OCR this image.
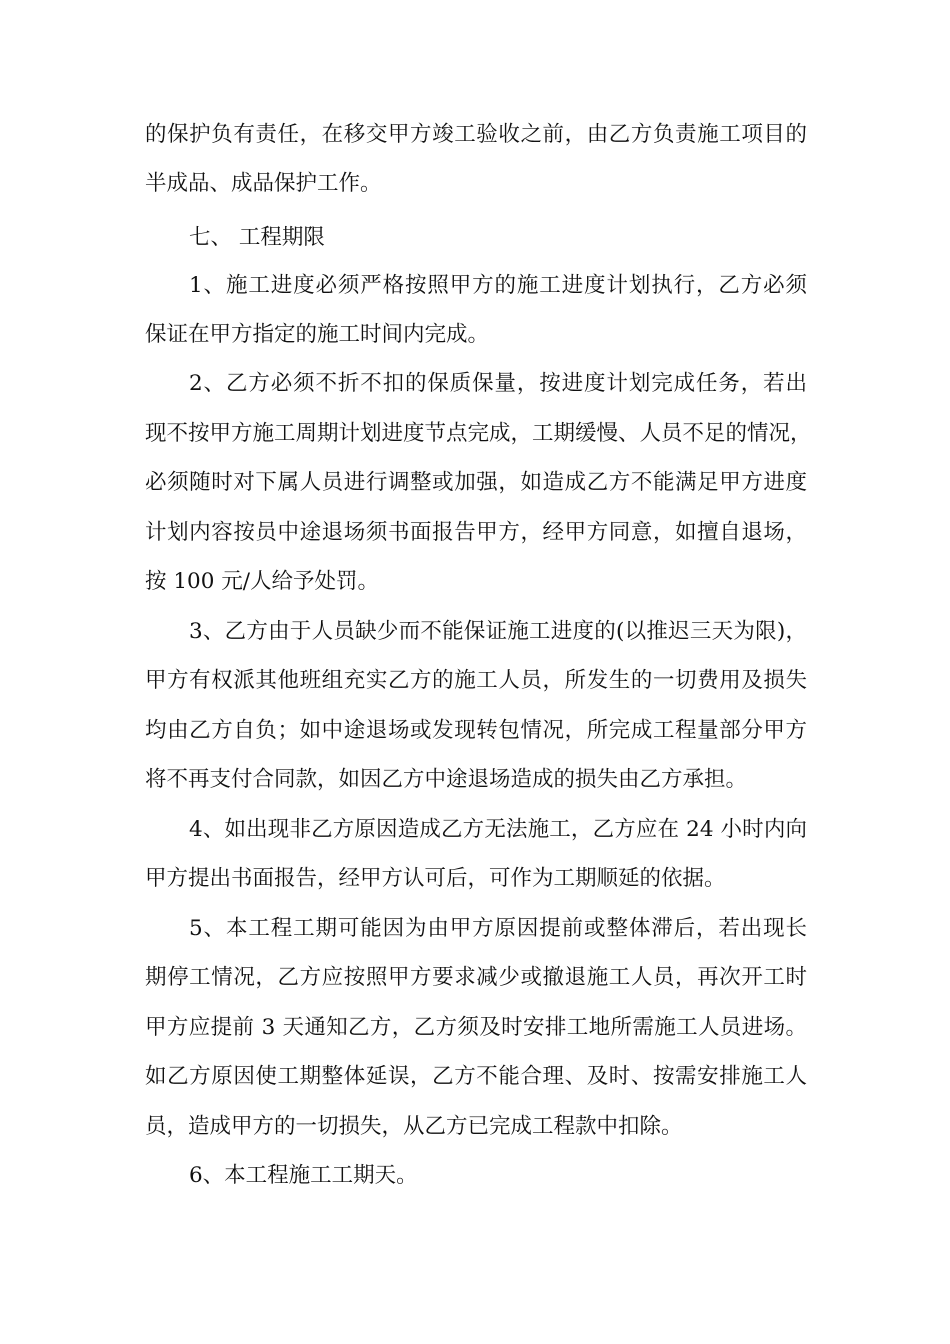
的保护负有责任，在移交甲方竣工验收之前，由乙方负责施工项目的
半成品、成品保护工作。
七、 工程期限
1、施工进度必须严格按照甲方的施工进度计划执行，乙方必须
保证在甲方指定的施工时间内完成。
2、乙方必须不折不扣的保质保量，按进度计划完成任务，若出
现不按甲方施工周期计划进度节点完成，工期缓慢、人员不足的情况，
必须随时对下属人员进行调整或加强，如造成乙方不能满足甲方进度
计划内容按员中途退场须书面报告甲方，经甲方同意，如擅自退场，
按 100 元/人给予处罚。
3、乙方由于人员缺少而不能保证施工进度的(以推迟三天为限)，
甲方有权派其他班组充实乙方的施工人员，所发生的一切费用及损失
均由乙方自负；如中途退场或发现转包情况，所完成工程量部分甲方
将不再支付合同款，如因乙方中途退场造成的损失由乙方承担。
4、如出现非乙方原因造成乙方无法施工，乙方应在 24 小时内向
甲方提出书面报告，经甲方认可后，可作为工期顺延的依据。
5、本工程工期可能因为由甲方原因提前或整体滞后，若出现长
期停工情况，乙方应按照甲方要求减少或撤退施工人员，再次开工时
甲方应提前 3 天通知乙方，乙方须及时安排工地所需施工人员进场。
如乙方原因使工期整体延误，乙方不能合理、及时、按需安排施工人
员，造成甲方的一切损失，从乙方已完成工程款中扣除。
6、本工程施工工期天。
